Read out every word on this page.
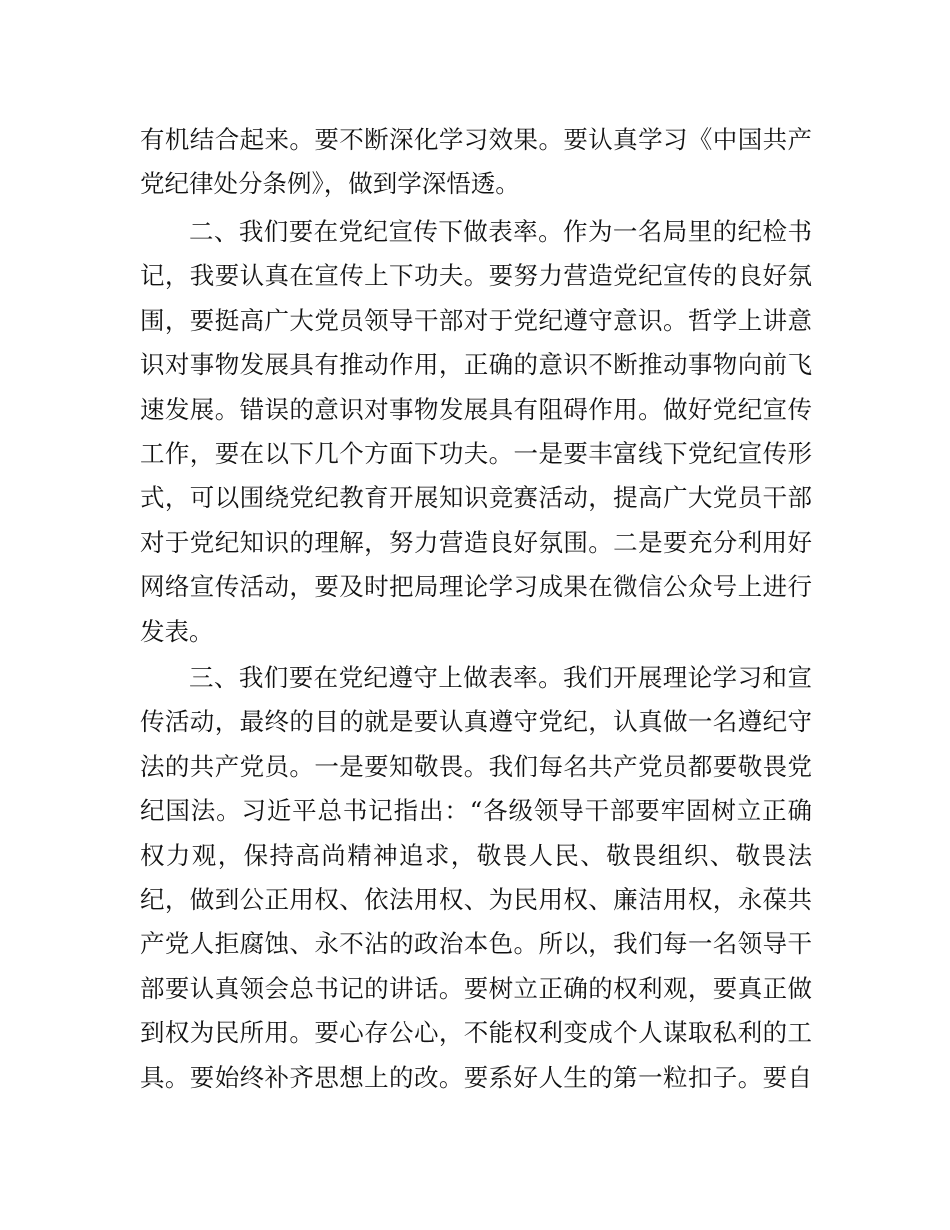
有机结合起来。要不断深化学习效果。要认真学习《中国共产
党纪律处分条例》，做到学深悟透。
二、我们要在党纪宣传下做表率。作为一名局里的纪检书
记，我要认真在宣传上下功夫。要努力营造党纪宣传的良好氛
围，要挺高广大党员领导干部对于党纪遵守意识。哲学上讲意
识对事物发展具有推动作用，正确的意识不断推动事物向前飞
速发展。错误的意识对事物发展具有阻碍作用。做好党纪宣传
工作，要在以下几个方面下功夫。一是要丰富线下党纪宣传形
式，可以围绕党纪教育开展知识竞赛活动，提高广大党员干部
对于党纪知识的理解，努力营造良好氛围。二是要充分利用好
网络宣传活动，要及时把局理论学习成果在微信公众号上进行
发表。
三、我们要在党纪遵守上做表率。我们开展理论学习和宣
传活动，最终的目的就是要认真遵守党纪，认真做一名遵纪守
法的共产党员。一是要知敬畏。我们每名共产党员都要敬畏党
纪国法。习近平总书记指出：“各级领导干部要牢固树立正确
权力观，保持高尚精神追求，敬畏人民、敬畏组织、敬畏法
纪，做到公正用权、依法用权、为民用权、廉洁用权，永葆共
产党人拒腐蚀、永不沾的政治本色。所以，我们每一名领导干
部要认真领会总书记的讲话。要树立正确的权利观，要真正做
到权为民所用。要心存公心，不能权利变成个人谋取私利的工
具。要始终补齐思想上的改。要系好人生的第一粒扣子。要自
